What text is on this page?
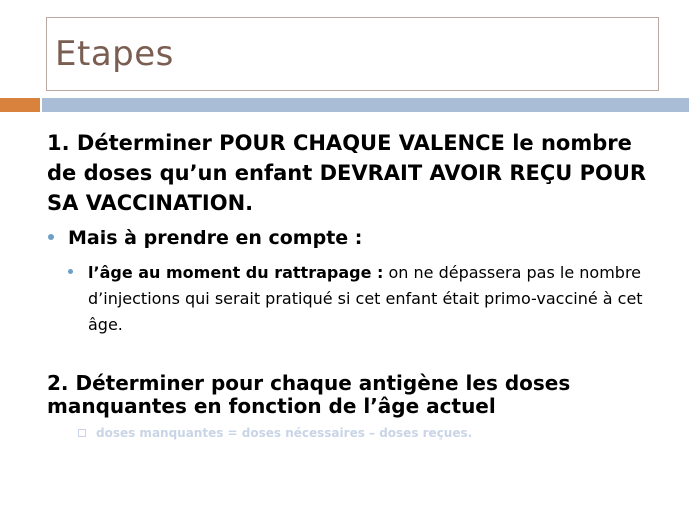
Etapes
1. Déterminer POUR CHAQUE VALENCE le nombre de doses qu’un enfant DEVRAIT AVOIR REÇU POUR SA VACCINATION.
Mais à prendre en compte :
l’âge au moment du rattrapage : on ne dépassera pas le nombre d’injections qui serait pratiqué si cet enfant était primo-vacciné à cet âge.
2. Déterminer pour chaque antigène les doses manquantes en fonction de l’âge actuel
doses manquantes = doses nécessaires – doses reçues.
